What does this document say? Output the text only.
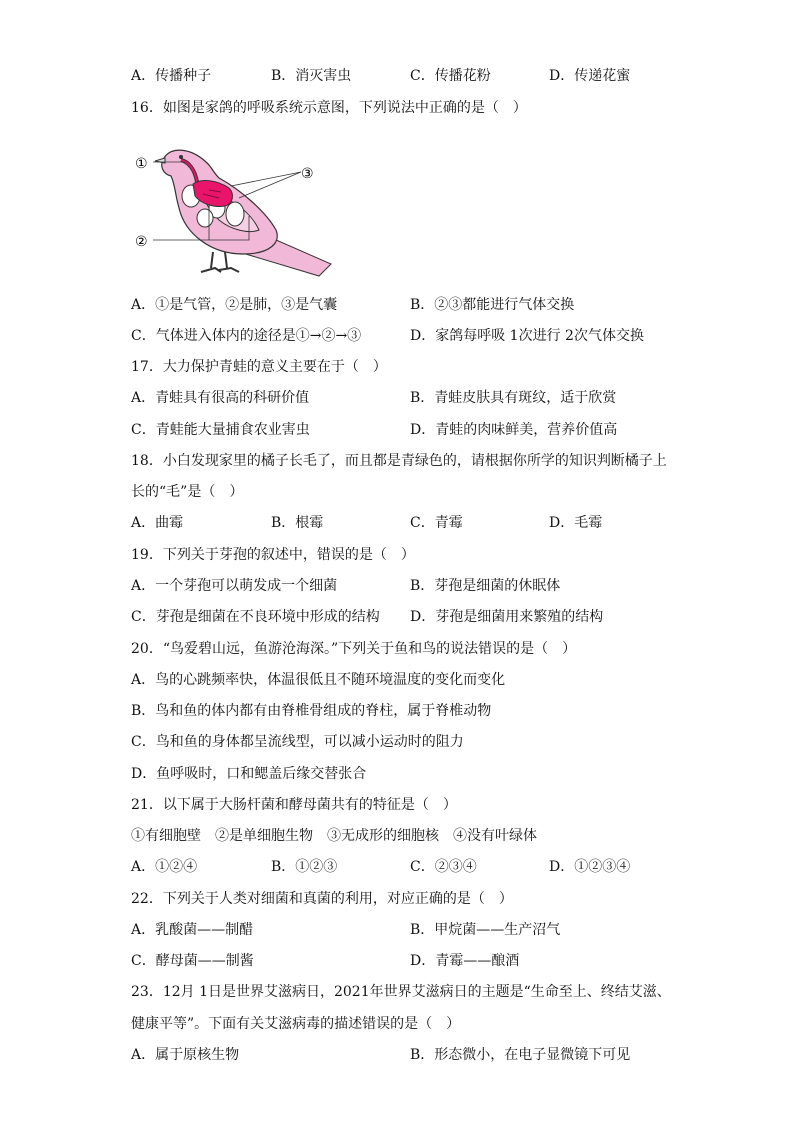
A．传播种子	B．消灭害虫	C．传播花粉	D．传递花蜜
16．如图是家鸽的呼吸系统示意图，下列说法中正确的是（　）
①
②
③
A．①是气管，②是肺，③是气囊	B．②③都能进行气体交换
C．气体进入体内的途径是①→②→③	D．家鸽每呼吸 1次进行 2次气体交换
17．大力保护青蛙的意义主要在于（　）
A．青蛙具有很高的科研价值	B．青蛙皮肤具有斑纹，适于欣赏
C．青蛙能大量捕食农业害虫	D．青蛙的肉味鲜美，营养价值高
18．小白发现家里的橘子长毛了，而且都是青绿色的，请根据你所学的知识判断橘子上
长的“毛”是（　）
A．曲霉	B．根霉	C．青霉	D．毛霉
19．下列关于芽孢的叙述中，错误的是（　）
A．一个芽孢可以萌发成一个细菌	B．芽孢是细菌的休眠体
C．芽孢是细菌在不良环境中形成的结构 D．芽孢是细菌用来繁殖的结构
20．“鸟爱碧山远，鱼游沧海深。”下列关于鱼和鸟的说法错误的是（　）
A．鸟的心跳频率快，体温很低且不随环境温度的变化而变化
B．鸟和鱼的体内都有由脊椎骨组成的脊柱，属于脊椎动物
C．鸟和鱼的身体都呈流线型，可以减小运动时的阻力
D．鱼呼吸时，口和鳃盖后缘交替张合
21．以下属于大肠杆菌和酵母菌共有的特征是（　）
①有细胞壁　②是单细胞生物　③无成形的细胞核　④没有叶绿体
A．①②④	B．①②③	C．②③④	D．①②③④
22．下列关于人类对细菌和真菌的利用，对应正确的是（　）
A．乳酸菌——制醋	B．甲烷菌——生产沼气
C．酵母菌——制酱	D．青霉——酿酒
23．12月 1日是世界艾滋病日，2021年世界艾滋病日的主题是“生命至上、终结艾滋、
健康平等”。下面有关艾滋病毒的描述错误的是（　）
A．属于原核生物	B．形态微小，在电子显微镜下可见
